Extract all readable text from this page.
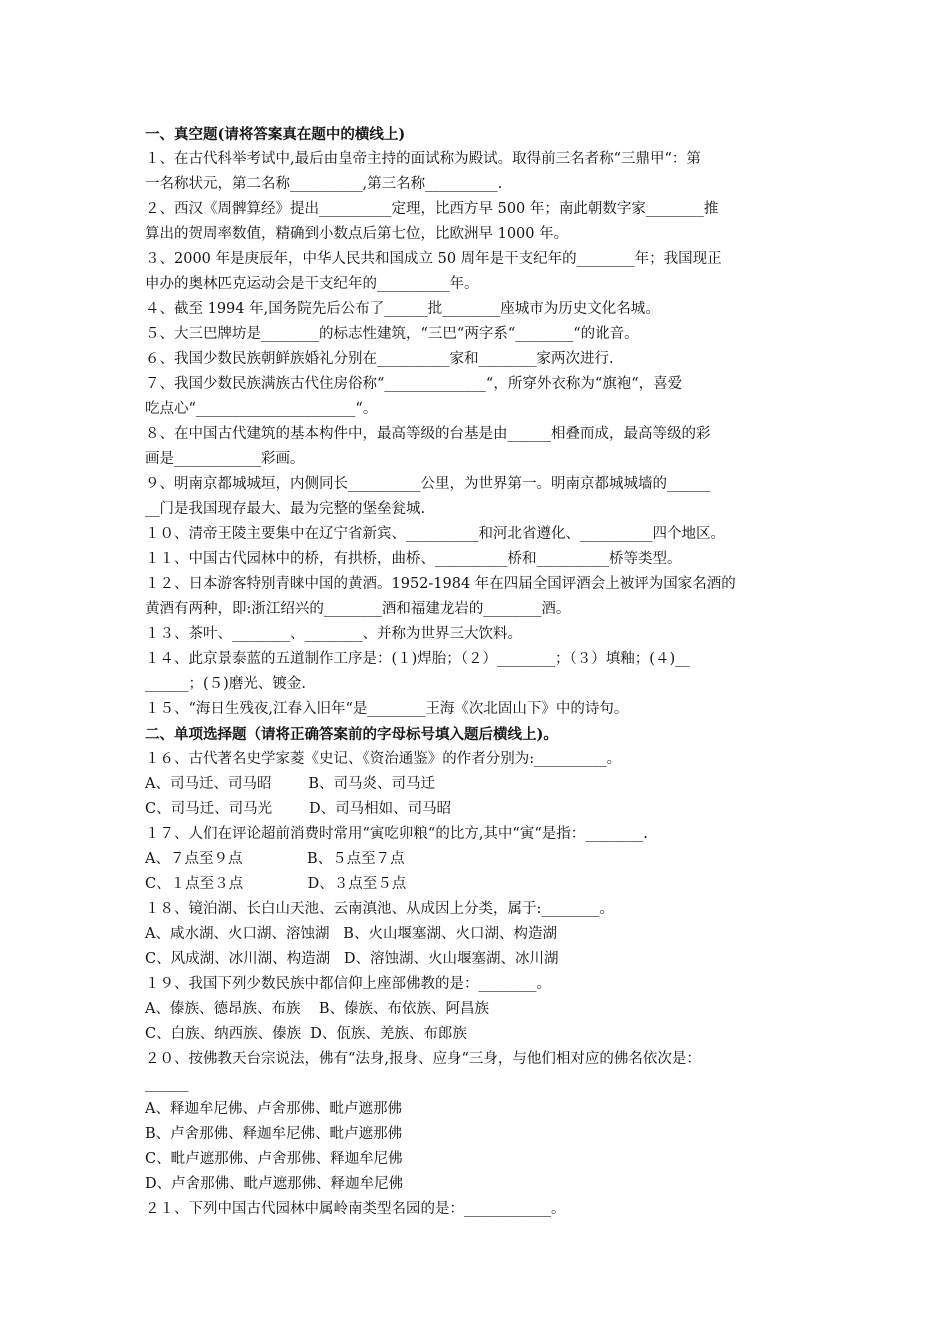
一、真空题(请将答案真在题中的横线上)
１、在古代科举考试中,最后由皇帝主持的面试称为殿试。取得前三名者称“三鼎甲“：第
一名称状元，第二名称__________,第三名称__________.
２、西汉《周髀算经》提出__________定理，比西方早 500 年；南此朝数字家________推
算出的贺周率数值，精确到小数点后第七位，比欧洲早 1000 年。
３、2000 年是庚辰年，中华人民共和国成立 50 周年是干支纪年的________年；我国现正
申办的奥林匹克运动会是干支纪年的__________年。
４、截至 1994 年,国务院先后公布了______批________座城市为历史文化名城。
５、大三巴牌坊是________的标志性建筑，“三巴“两字系“________“的讹音。
６、我国少数民族朝鲜族婚礼分别在__________家和________家两次进行.
７、我国少数民族满族古代住房俗称“______________“，所穿外衣称为“旗袍“，喜爱
吃点心“______________________“。
８、在中国古代建筑的基本构件中，最高等级的台基是由______相叠而成，最高等级的彩
画是____________彩画。
９、明南京都城城垣，内侧同长__________公里，为世界第一。明南京都城城墙的______
__门是我国现存最大、最为完整的堡垒瓮城.
１０、清帝王陵主要集中在辽宁省新宾、__________和河北省遵化、__________四个地区。
１１、中国古代园林中的桥，有拱桥，曲桥、__________桥和__________桥等类型。
１２、日本游客特别青睐中国的黄酒。1952-1984 年在四届全国评酒会上被评为国家名酒的
黄酒有两种，即:浙江绍兴的________酒和福建龙岩的________酒。
１３、茶叶、________、________、并称为世界三大饮料。
１４、此京景泰蓝的五道制作工序是：(１)焊胎；（２）________；（３）填釉；(４)__
______；(５)磨光、镀金.
１５、“海日生残夜,江春入旧年“是________王海《次北固山下》中的诗句。
二、单项选择题（请将正确答案前的字母标号填入题后横线上)。
１６、古代著名史学家菱《史记、《资治通鉴》的作者分别为:__________。
A、司马迁、司马昭        B、司马炎、司马迁
C、司马迁、司马光        D、司马相如、司马昭
１７、人们在评论超前消费时常用“寅吃卯粮“的比方,其中“寅“是指：________.
A、７点至９点              B、５点至７点
C、１点至３点              D、３点至５点
１８、镜泊湖、长白山天池、云南滇池、从成因上分类，属于:________。
A、咸水湖、火口湖、溶蚀湖   B、火山堰塞湖、火口湖、构造湖
C、风成湖、冰川湖、构造湖   D、溶蚀湖、火山堰塞湖、冰川湖
１９、我国下列少数民族中都信仰上座部佛教的是：________。
A、傣族、德昂族、布族    B、傣族、布依族、阿昌族
C、白族、纳西族、傣族  D、佤族、羌族、布郎族
２０、按佛教天台宗说法，佛有“法身,报身、应身“三身，与他们相对应的佛名依次是：
______
A、释迦牟尼佛、卢舍那佛、毗卢遮那佛
B、卢舍那佛、释迦牟尼佛、毗卢遮那佛
C、毗卢遮那佛、卢舍那佛、释迦牟尼佛
D、卢舍那佛、毗卢遮那佛、释迦牟尼佛
２１、下列中国古代园林中属岭南类型名园的是：____________。
